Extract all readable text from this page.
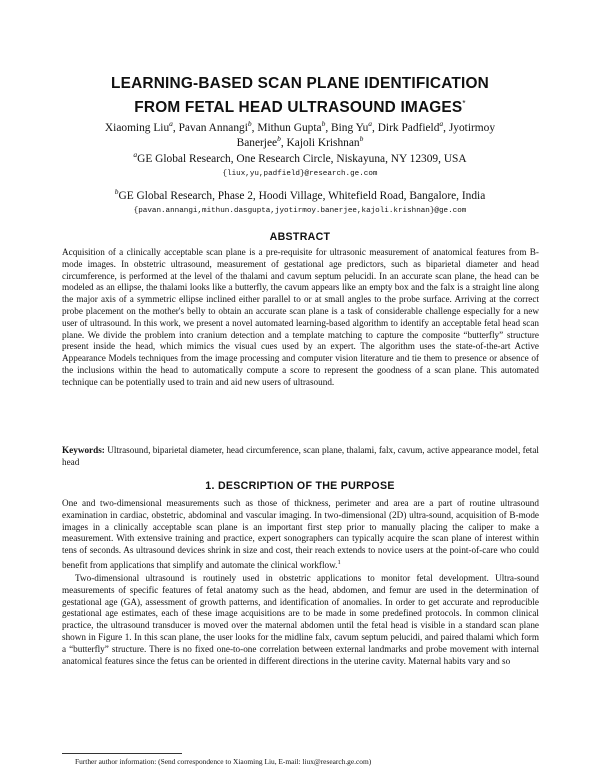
LEARNING-BASED SCAN PLANE IDENTIFICATION
FROM FETAL HEAD ULTRASOUND IMAGES*
Xiaoming Liu$^a$, Pavan Annangi$^b$, Mithun Gupta$^b$, Bing Yu$^a$, Dirk Padfield$^a$, Jyotirmoy
Banerjee$^b$, Kajoli Krishnan$^b$
$^a$GE Global Research, One Research Circle, Niskayuna, NY 12309, USA
{liux,yu,padfield}@research.ge.com
$^b$GE Global Research, Phase 2, Hoodi Village, Whitefield Road, Bangalore, India
{pavan.annangi,mithun.dasgupta,jyotirmoy.banerjee,kajoli.krishnan}@ge.com
ABSTRACT
Acquisition of a clinically acceptable scan plane is a pre-requisite for ultrasonic measurement of anatomical features from B-mode images. In obstetric ultrasound, measurement of gestational age predictors, such as biparietal diameter and head circumference, is performed at the level of the thalami and cavum septum pelucidi. In an accurate scan plane, the head can be modeled as an ellipse, the thalami looks like a butterfly, the cavum appears like an empty box and the falx is a straight line along the major axis of a symmetric ellipse inclined either parallel to or at small angles to the probe surface. Arriving at the correct probe placement on the mother's belly to obtain an accurate scan plane is a task of considerable challenge especially for a new user of ultrasound. In this work, we present a novel automated learning-based algorithm to identify an acceptable fetal head scan plane. We divide the problem into cranium detection and a template matching to capture the composite “butterfly” structure present inside the head, which mimics the visual cues used by an expert. The algorithm uses the state-of-the-art Active Appearance Models techniques from the image processing and computer vision literature and tie them to presence or absence of the inclusions within the head to automatically compute a score to represent the goodness of a scan plane. This automated technique can be potentially used to train and aid new users of ultrasound.
Keywords: Ultrasound, biparietal diameter, head circumference, scan plane, thalami, falx, cavum, active appearance model, fetal head
1. DESCRIPTION OF THE PURPOSE
One and two-dimensional measurements such as those of thickness, perimeter and area are a part of routine ultrasound examination in cardiac, obstetric, abdominal and vascular imaging. In two-dimensional (2D) ultra-sound, acquisition of B-mode images in a clinically acceptable scan plane is an important first step prior to manually placing the caliper to make a measurement. With extensive training and practice, expert sonographers can typically acquire the scan plane of interest within tens of seconds. As ultrasound devices shrink in size and cost, their reach extends to novice users at the point-of-care who could benefit from applications that simplify and automate the clinical workflow.$^1$
Two-dimensional ultrasound is routinely used in obstetric applications to monitor fetal development. Ultra-sound measurements of specific features of fetal anatomy such as the head, abdomen, and femur are used in the determination of gestational age (GA), assessment of growth patterns, and identification of anomalies. In order to get accurate and reproducible gestational age estimates, each of these image acquisitions are to be made in some predefined protocols. In common clinical practice, the ultrasound transducer is moved over the maternal abdomen until the fetal head is visible in a standard scan plane shown in Figure 1. In this scan plane, the user looks for the midline falx, cavum septum pelucidi, and paired thalami which form a “butterfly” structure. There is no fixed one-to-one correlation between external landmarks and probe movement with internal anatomical features since the fetus can be oriented in different directions in the uterine cavity. Maternal habits vary and so
Further author information: (Send correspondence to Xiaoming Liu, E-mail: liux@research.ge.com)
